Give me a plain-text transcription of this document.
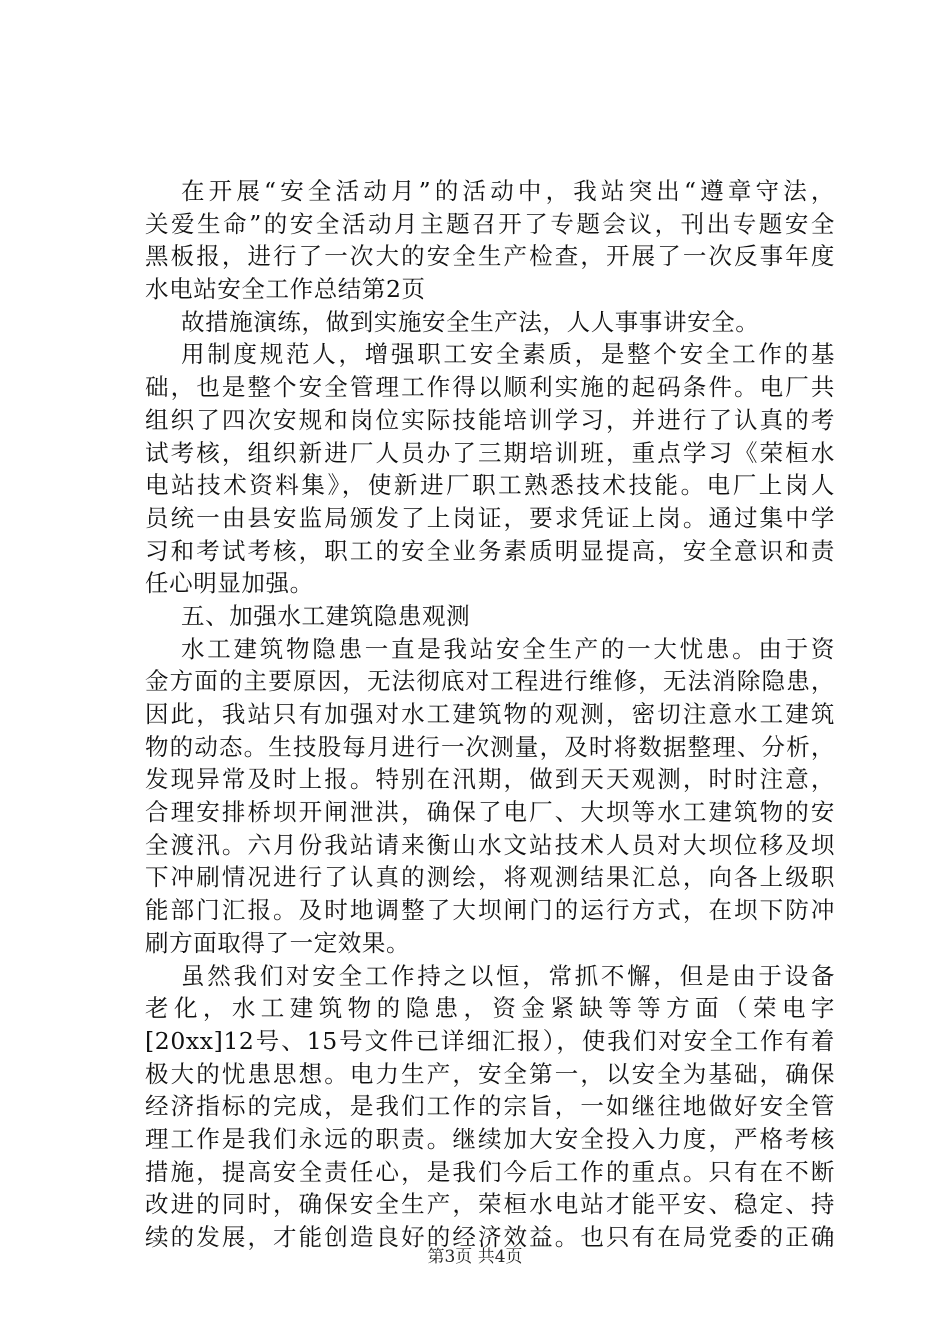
在开展“安全活动月”的活动中，我站突出“遵章守法，
关爱生命”的安全活动月主题召开了专题会议，刊出专题安全
黑板报，进行了一次大的安全生产检查，开展了一次反事年度
水电站安全工作总结第2页
故措施演练，做到实施安全生产法，人人事事讲安全。
用制度规范人，增强职工安全素质，是整个安全工作的基
础，也是整个安全管理工作得以顺利实施的起码条件。电厂共
组织了四次安规和岗位实际技能培训学习，并进行了认真的考
试考核，组织新进厂人员办了三期培训班，重点学习《荣桓水
电站技术资料集》，使新进厂职工熟悉技术技能。电厂上岗人
员统一由县安监局颁发了上岗证，要求凭证上岗。通过集中学
习和考试考核，职工的安全业务素质明显提高，安全意识和责
任心明显加强。
五、加强水工建筑隐患观测
水工建筑物隐患一直是我站安全生产的一大忧患。由于资
金方面的主要原因，无法彻底对工程进行维修，无法消除隐患，
因此，我站只有加强对水工建筑物的观测，密切注意水工建筑
物的动态。生技股每月进行一次测量，及时将数据整理、分析，
发现异常及时上报。特别在汛期，做到天天观测，时时注意，
合理安排桥坝开闸泄洪，确保了电厂、大坝等水工建筑物的安
全渡汛。六月份我站请来衡山水文站技术人员对大坝位移及坝
下冲刷情况进行了认真的测绘，将观测结果汇总，向各上级职
能部门汇报。及时地调整了大坝闸门的运行方式，在坝下防冲
刷方面取得了一定效果。
虽然我们对安全工作持之以恒，常抓不懈，但是由于设备
老化，水工建筑物的隐患，资金紧缺等等方面（荣电字
[20xx]12号、15号文件已详细汇报），使我们对安全工作有着
极大的忧患思想。电力生产，安全第一，以安全为基础，确保
经济指标的完成，是我们工作的宗旨，一如继往地做好安全管
理工作是我们永远的职责。继续加大安全投入力度，严格考核
措施，提高安全责任心，是我们今后工作的重点。只有在不断
改进的同时，确保安全生产，荣桓水电站才能平安、稳定、持
续的发展，才能创造良好的经济效益。也只有在局党委的正确
第3页 共4页
